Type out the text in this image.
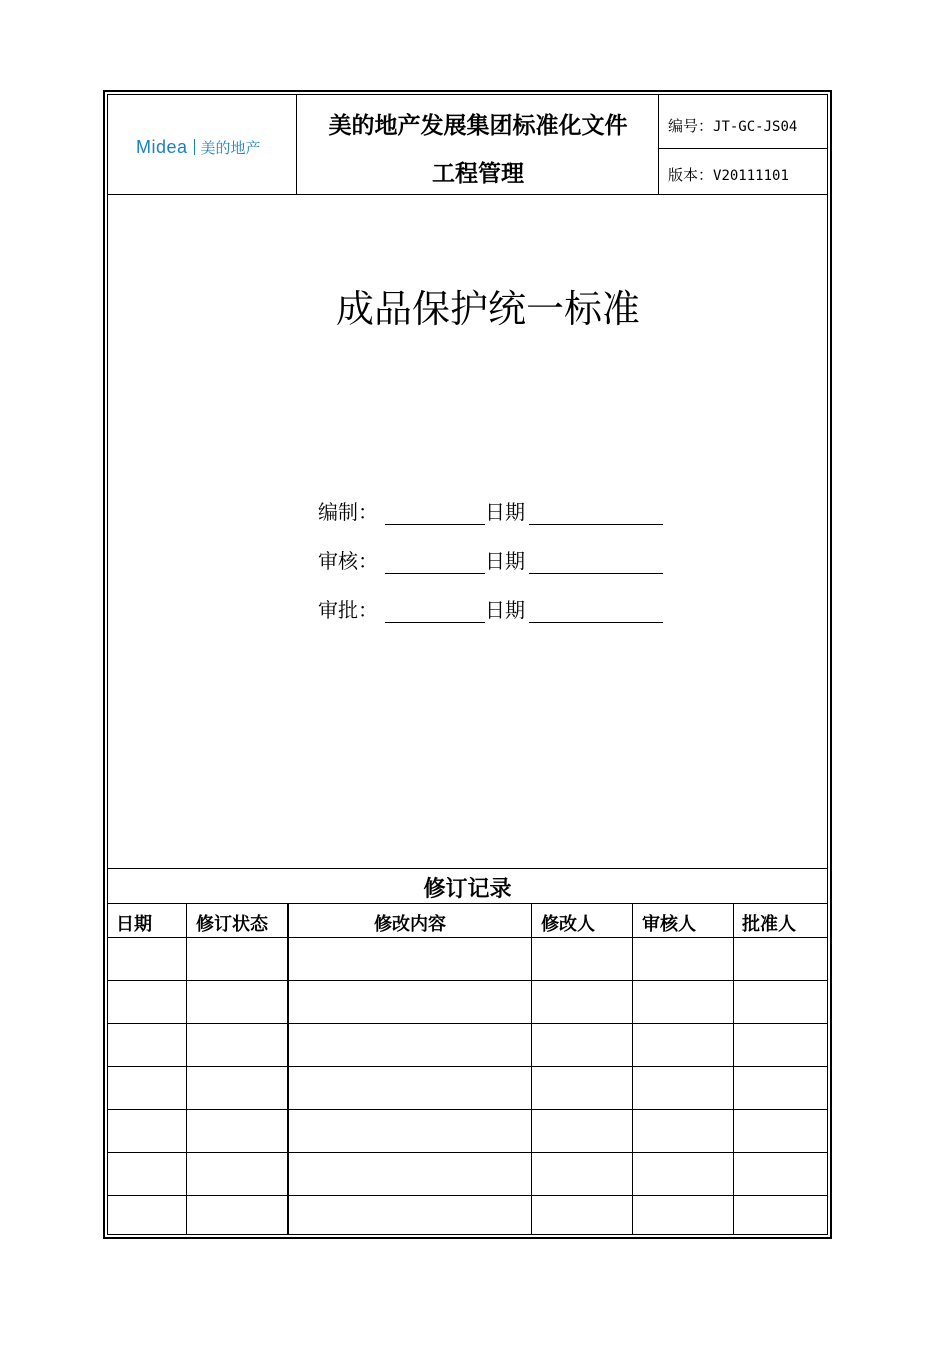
Midea 美的地产
美的地产发展集团标准化文件
工程管理
编号：JT-GC-JS04
版本：V20111101
成品保护统一标准
编制：	日期
审核：	日期
审批：	日期
修订记录
日期 修订状态	修改内容	修改人	审核人	批准人
